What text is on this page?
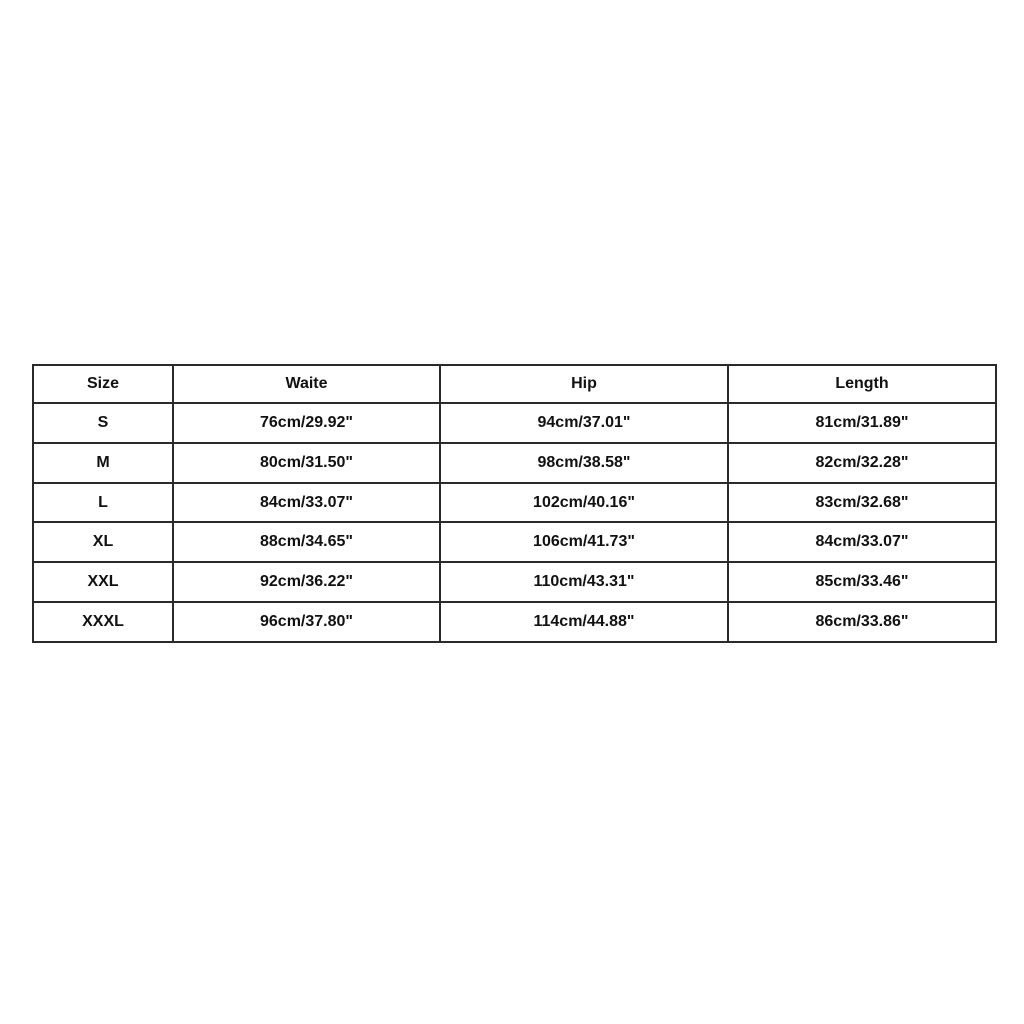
Size	Waite	Hip	Length
S	76cm/29.92"	94cm/37.01"	81cm/31.89"
M	80cm/31.50"	98cm/38.58"	82cm/32.28"
L	84cm/33.07"	102cm/40.16"	83cm/32.68"
XL	88cm/34.65"	106cm/41.73"	84cm/33.07"
XXL	92cm/36.22"	110cm/43.31"	85cm/33.46"
XXXL	96cm/37.80"	114cm/44.88"	86cm/33.86"
